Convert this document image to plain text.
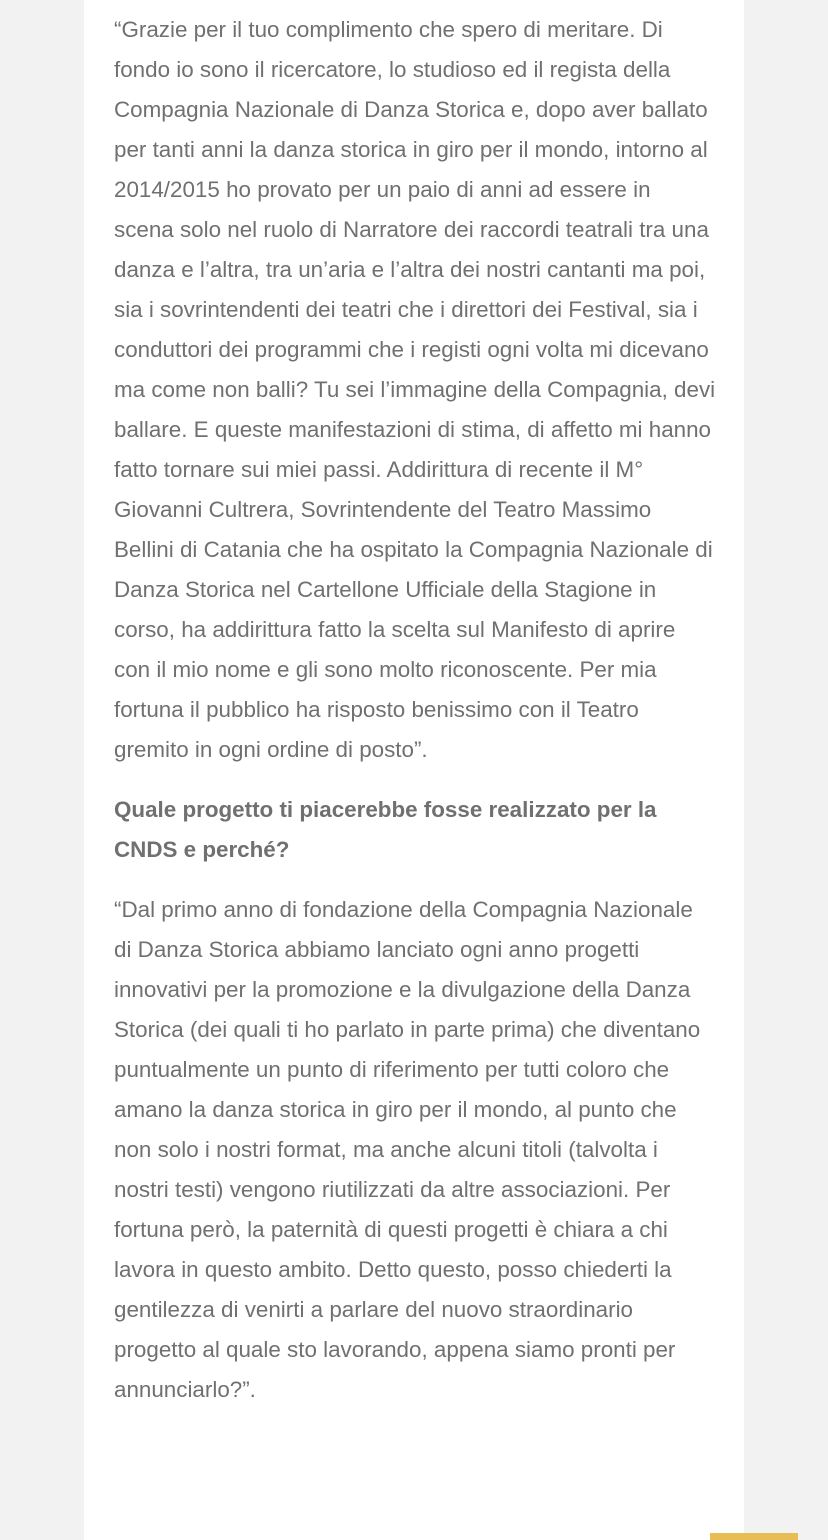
“Grazie per il tuo complimento che spero di meritare. Di fondo io sono il ricercatore, lo studioso ed il regista della Compagnia Nazionale di Danza Storica e, dopo aver ballato per tanti anni la danza storica in giro per il mondo, intorno al 2014/2015 ho provato per un paio di anni ad essere in scena solo nel ruolo di Narratore dei raccordi teatrali tra una danza e l’altra, tra un’aria e l’altra dei nostri cantanti ma poi, sia i sovrintendenti dei teatri che i direttori dei Festival, sia i conduttori dei programmi che i registi ogni volta mi dicevano ma come non balli? Tu sei l’immagine della Compagnia, devi ballare. E queste manifestazioni di stima, di affetto mi hanno fatto tornare sui miei passi. Addirittura di recente il M° Giovanni Cultrera, Sovrintendente del Teatro Massimo Bellini di Catania che ha ospitato la Compagnia Nazionale di Danza Storica nel Cartellone Ufficiale della Stagione in corso, ha addirittura fatto la scelta sul Manifesto di aprire con il mio nome e gli sono molto riconoscente. Per mia fortuna il pubblico ha risposto benissimo con il Teatro gremito in ogni ordine di posto”.

Quale progetto ti piacerebbe fosse realizzato per la CNDS e perché?

“Dal primo anno di fondazione della Compagnia Nazionale di Danza Storica abbiamo lanciato ogni anno progetti innovativi per la promozione e la divulgazione della Danza Storica (dei quali ti ho parlato in parte prima) che diventano puntualmente un punto di riferimento per tutti coloro che amano la danza storica in giro per il mondo, al punto che non solo i nostri format, ma anche alcuni titoli (talvolta i nostri testi) vengono riutilizzati da altre associazioni. Per fortuna però, la paternità di questi progetti è chiara a chi lavora in questo ambito. Detto questo, posso chiederti la gentilezza di venirti a parlare del nuovo straordinario progetto al quale sto lavorando, appena siamo pronti per annunciarlo?”.
